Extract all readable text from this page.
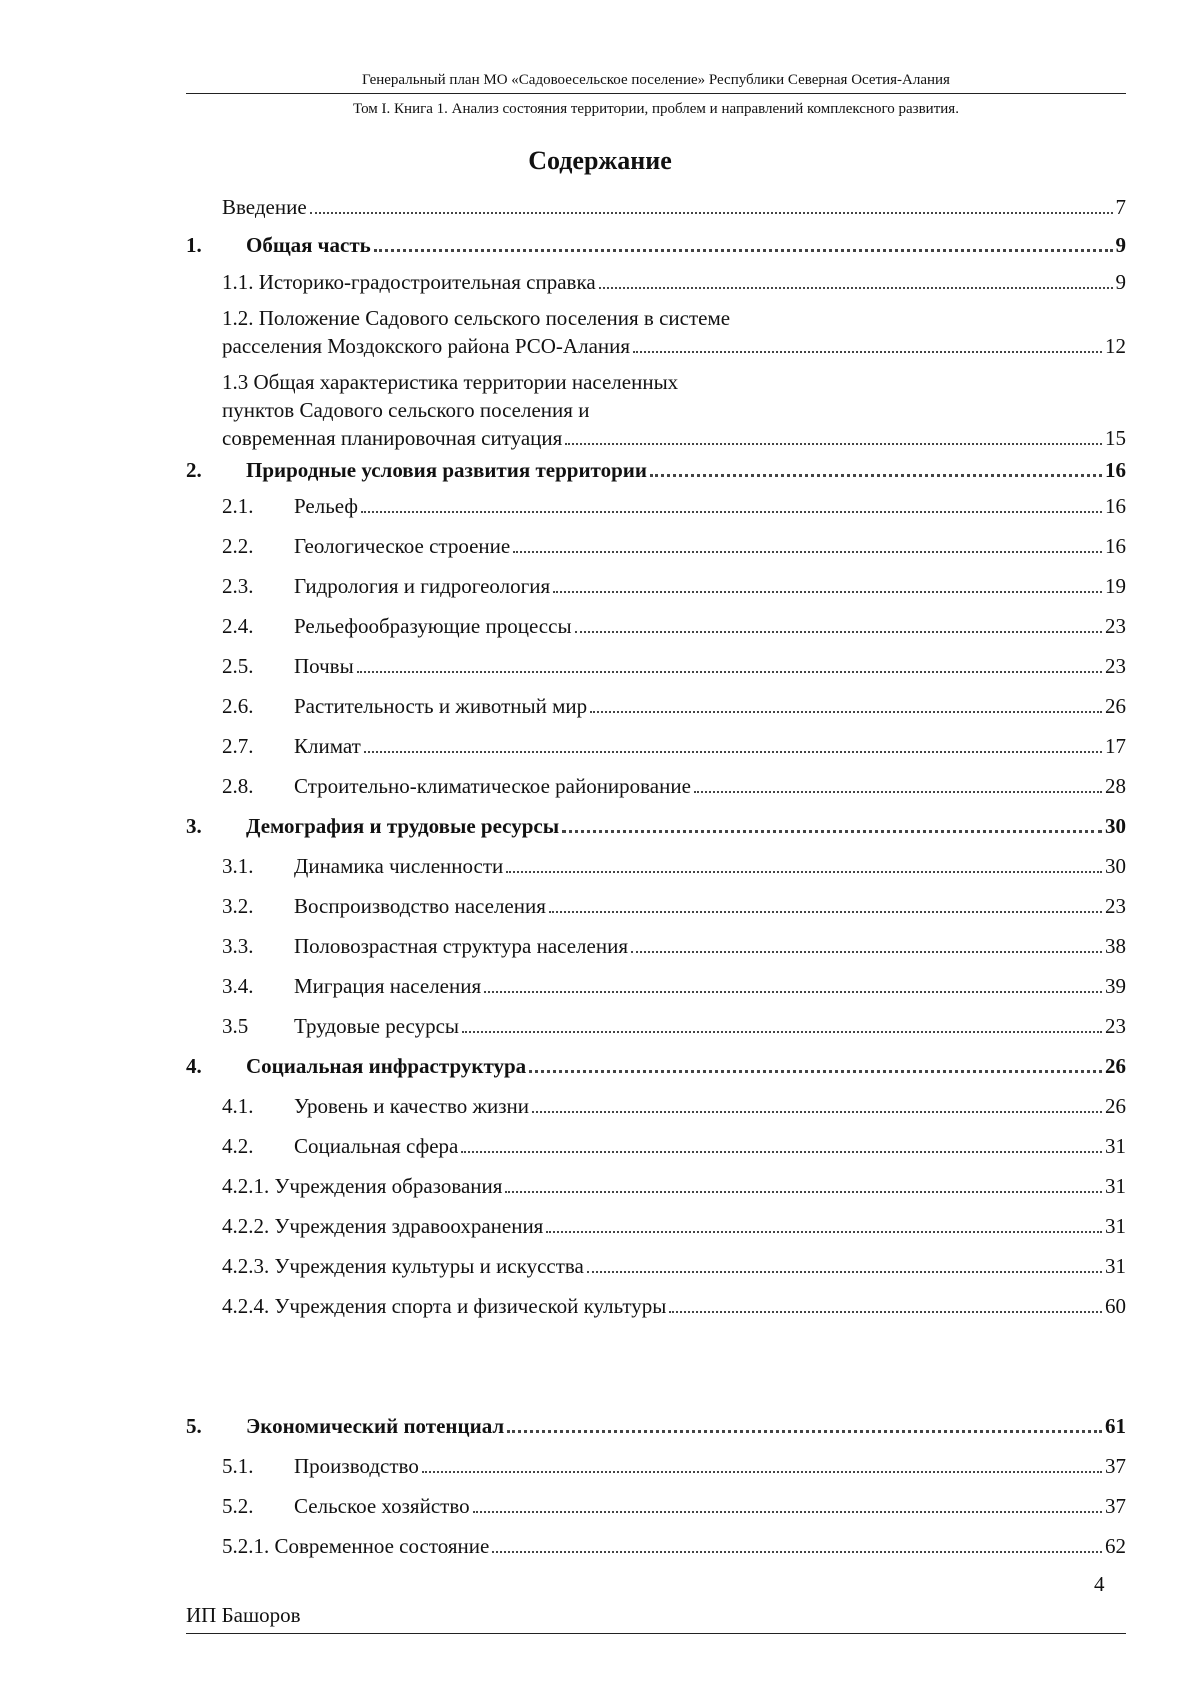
Генеральный план МО «Садовоесельское поселение» Республики Северная Осетия-Алания
Том I. Книга 1. Анализ состояния территории, проблем и направлений комплексного развития.
Содержание
Введение	7
1. Общая часть	9
1.1. Историко-градостроительная справка	9
1.2. Положение Садового сельского поселения в системе
расселения Моздокского района РСО-Алания	12
1.3 Общая характеристика территории населенных
пунктов Садового сельского поселения и
современная планировочная ситуация	15
2. Природные условия развития территории	16
2.1. Рельеф	16
2.2. Геологическое строение	16
2.3. Гидрология и гидрогеология	19
2.4. Рельефообразующие процессы	23
2.5. Почвы	23
2.6. Растительность и животный мир	26
2.7. Климат	17
2.8. Строительно-климатическое районирование	28
3. Демография и трудовые ресурсы	30
3.1. Динамика численности	30
3.2. Воспроизводство населения	23
3.3. Половозрастная структура населения	38
3.4. Миграция населения	39
3.5 Трудовые ресурсы	23
4. Социальная инфраструктура	26
4.1. Уровень и качество жизни	26
4.2. Социальная сфера	31
4.2.1. Учреждения образования	31
4.2.2. Учреждения здравоохранения	31
4.2.3. Учреждения культуры и искусства	31
4.2.4. Учреждения спорта и физической культуры	60
5. Экономический потенциал	61
5.1. Производство	37
5.2. Сельское хозяйство	37
5.2.1. Современное состояние	62
4
ИП Башоров
